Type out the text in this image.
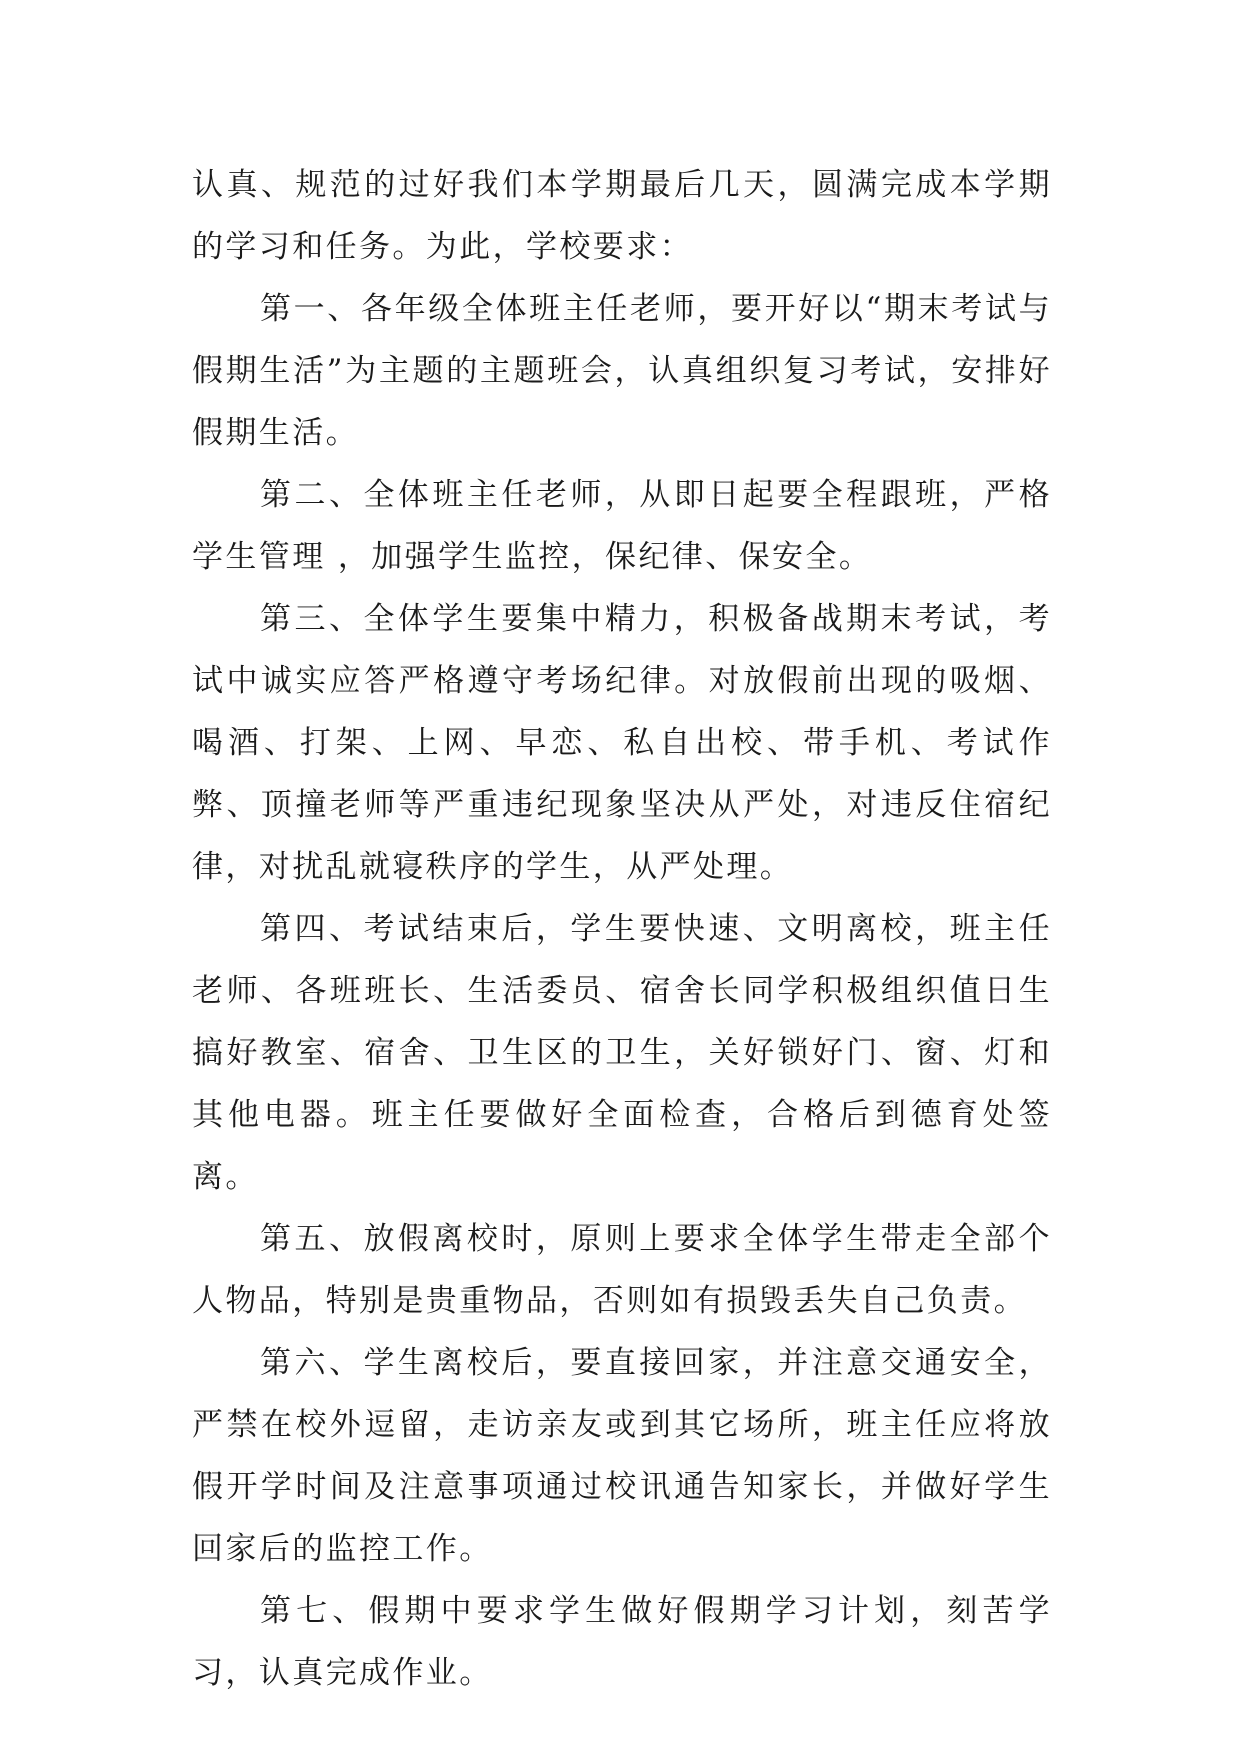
认真、规范的过好我们本学期最后几天，圆满完成本学期的学习和任务。为此，学校要求：

第一、各年级全体班主任老师，要开好以“期末考试与假期生活”为主题的主题班会，认真组织复习考试，安排好假期生活。

第二、全体班主任老师，从即日起要全程跟班，严格学生管理 ，加强学生监控，保纪律、保安全。

第三、全体学生要集中精力，积极备战期末考试，考试中诚实应答严格遵守考场纪律。对放假前出现的吸烟、喝酒、打架、上网、早恋、私自出校、带手机、考试作弊、顶撞老师等严重违纪现象坚决从严处，对违反住宿纪律，对扰乱就寝秩序的学生，从严处理。

第四、考试结束后，学生要快速、文明离校，班主任老师、各班班长、生活委员、宿舍长同学积极组织值日生搞好教室、宿舍、卫生区的卫生，关好锁好门、窗、灯和其他电器。班主任要做好全面检查，合格后到德育处签离。

第五、放假离校时，原则上要求全体学生带走全部个人物品，特别是贵重物品，否则如有损毁丢失自己负责。

第六、学生离校后，要直接回家，并注意交通安全，严禁在校外逗留，走访亲友或到其它场所，班主任应将放假开学时间及注意事项通过校讯通告知家长，并做好学生回家后的监控工作。

第七、假期中要求学生做好假期学习计划，刻苦学习，认真完成作业。
